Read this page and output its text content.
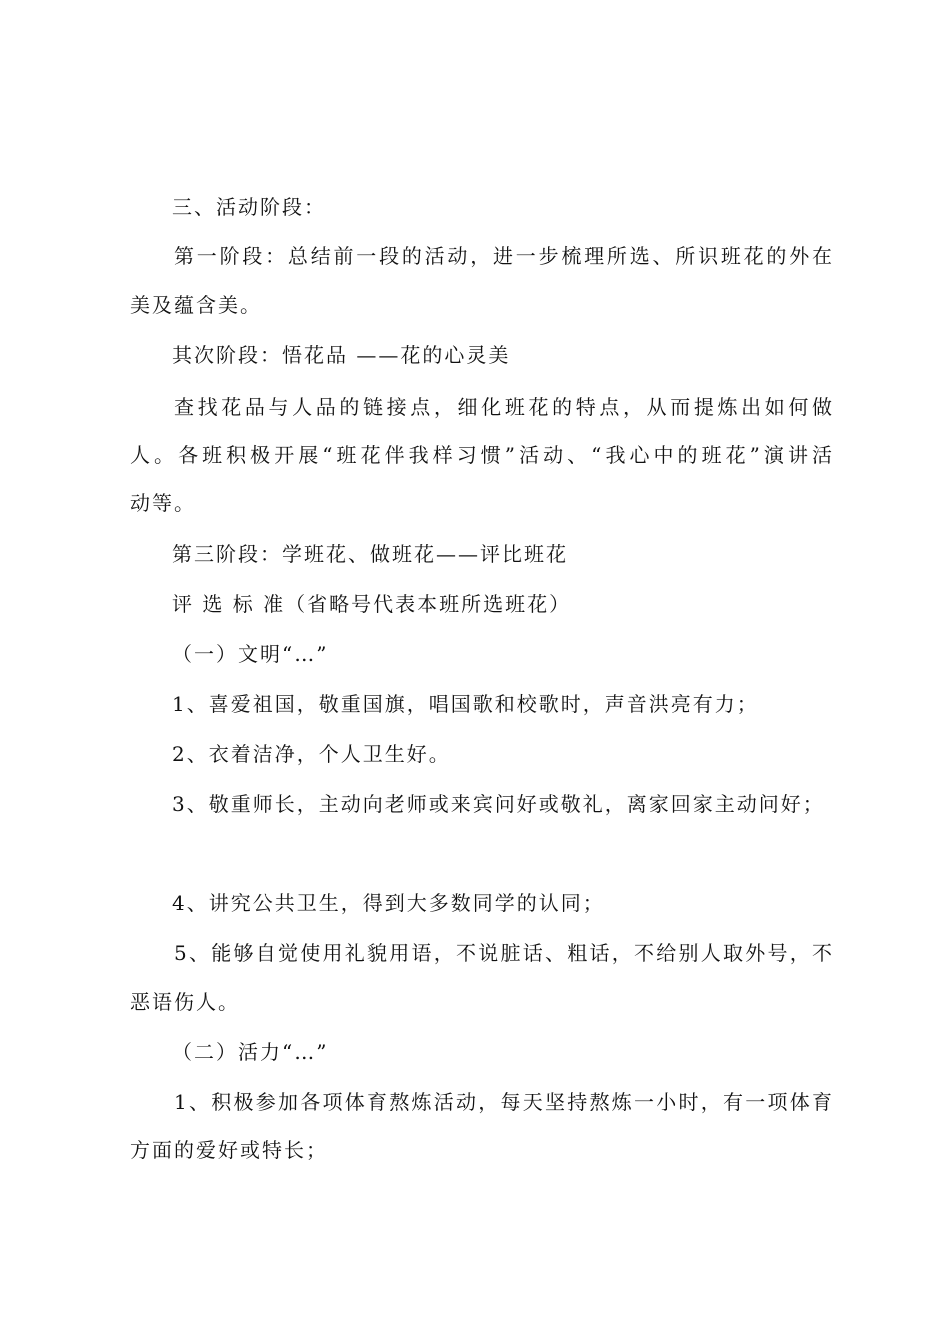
三、活动阶段：
第一阶段：总结前一段的活动，进一步梳理所选、所识班花的外在
美及蕴含美。
其次阶段：悟花品 ——花的心灵美
查找花品与人品的链接点，细化班花的特点，从而提炼出如何做
人。各班积极开展“班花伴我样习惯”活动、“我心中的班花”演讲活
动等。
第三阶段：学班花、做班花——评比班花
评 选 标 准（省略号代表本班所选班花）
（一）文明“…”
1、喜爱祖国，敬重国旗，唱国歌和校歌时，声音洪亮有力；
2、衣着洁净，个人卫生好。
3、敬重师长，主动向老师或来宾问好或敬礼，离家回家主动问好；
4、讲究公共卫生，得到大多数同学的认同；
5、能够自觉使用礼貌用语，不说脏话、粗话，不给别人取外号，不
恶语伤人。
（二）活力“…”
1、积极参加各项体育熬炼活动，每天坚持熬炼一小时，有一项体育
方面的爱好或特长；
